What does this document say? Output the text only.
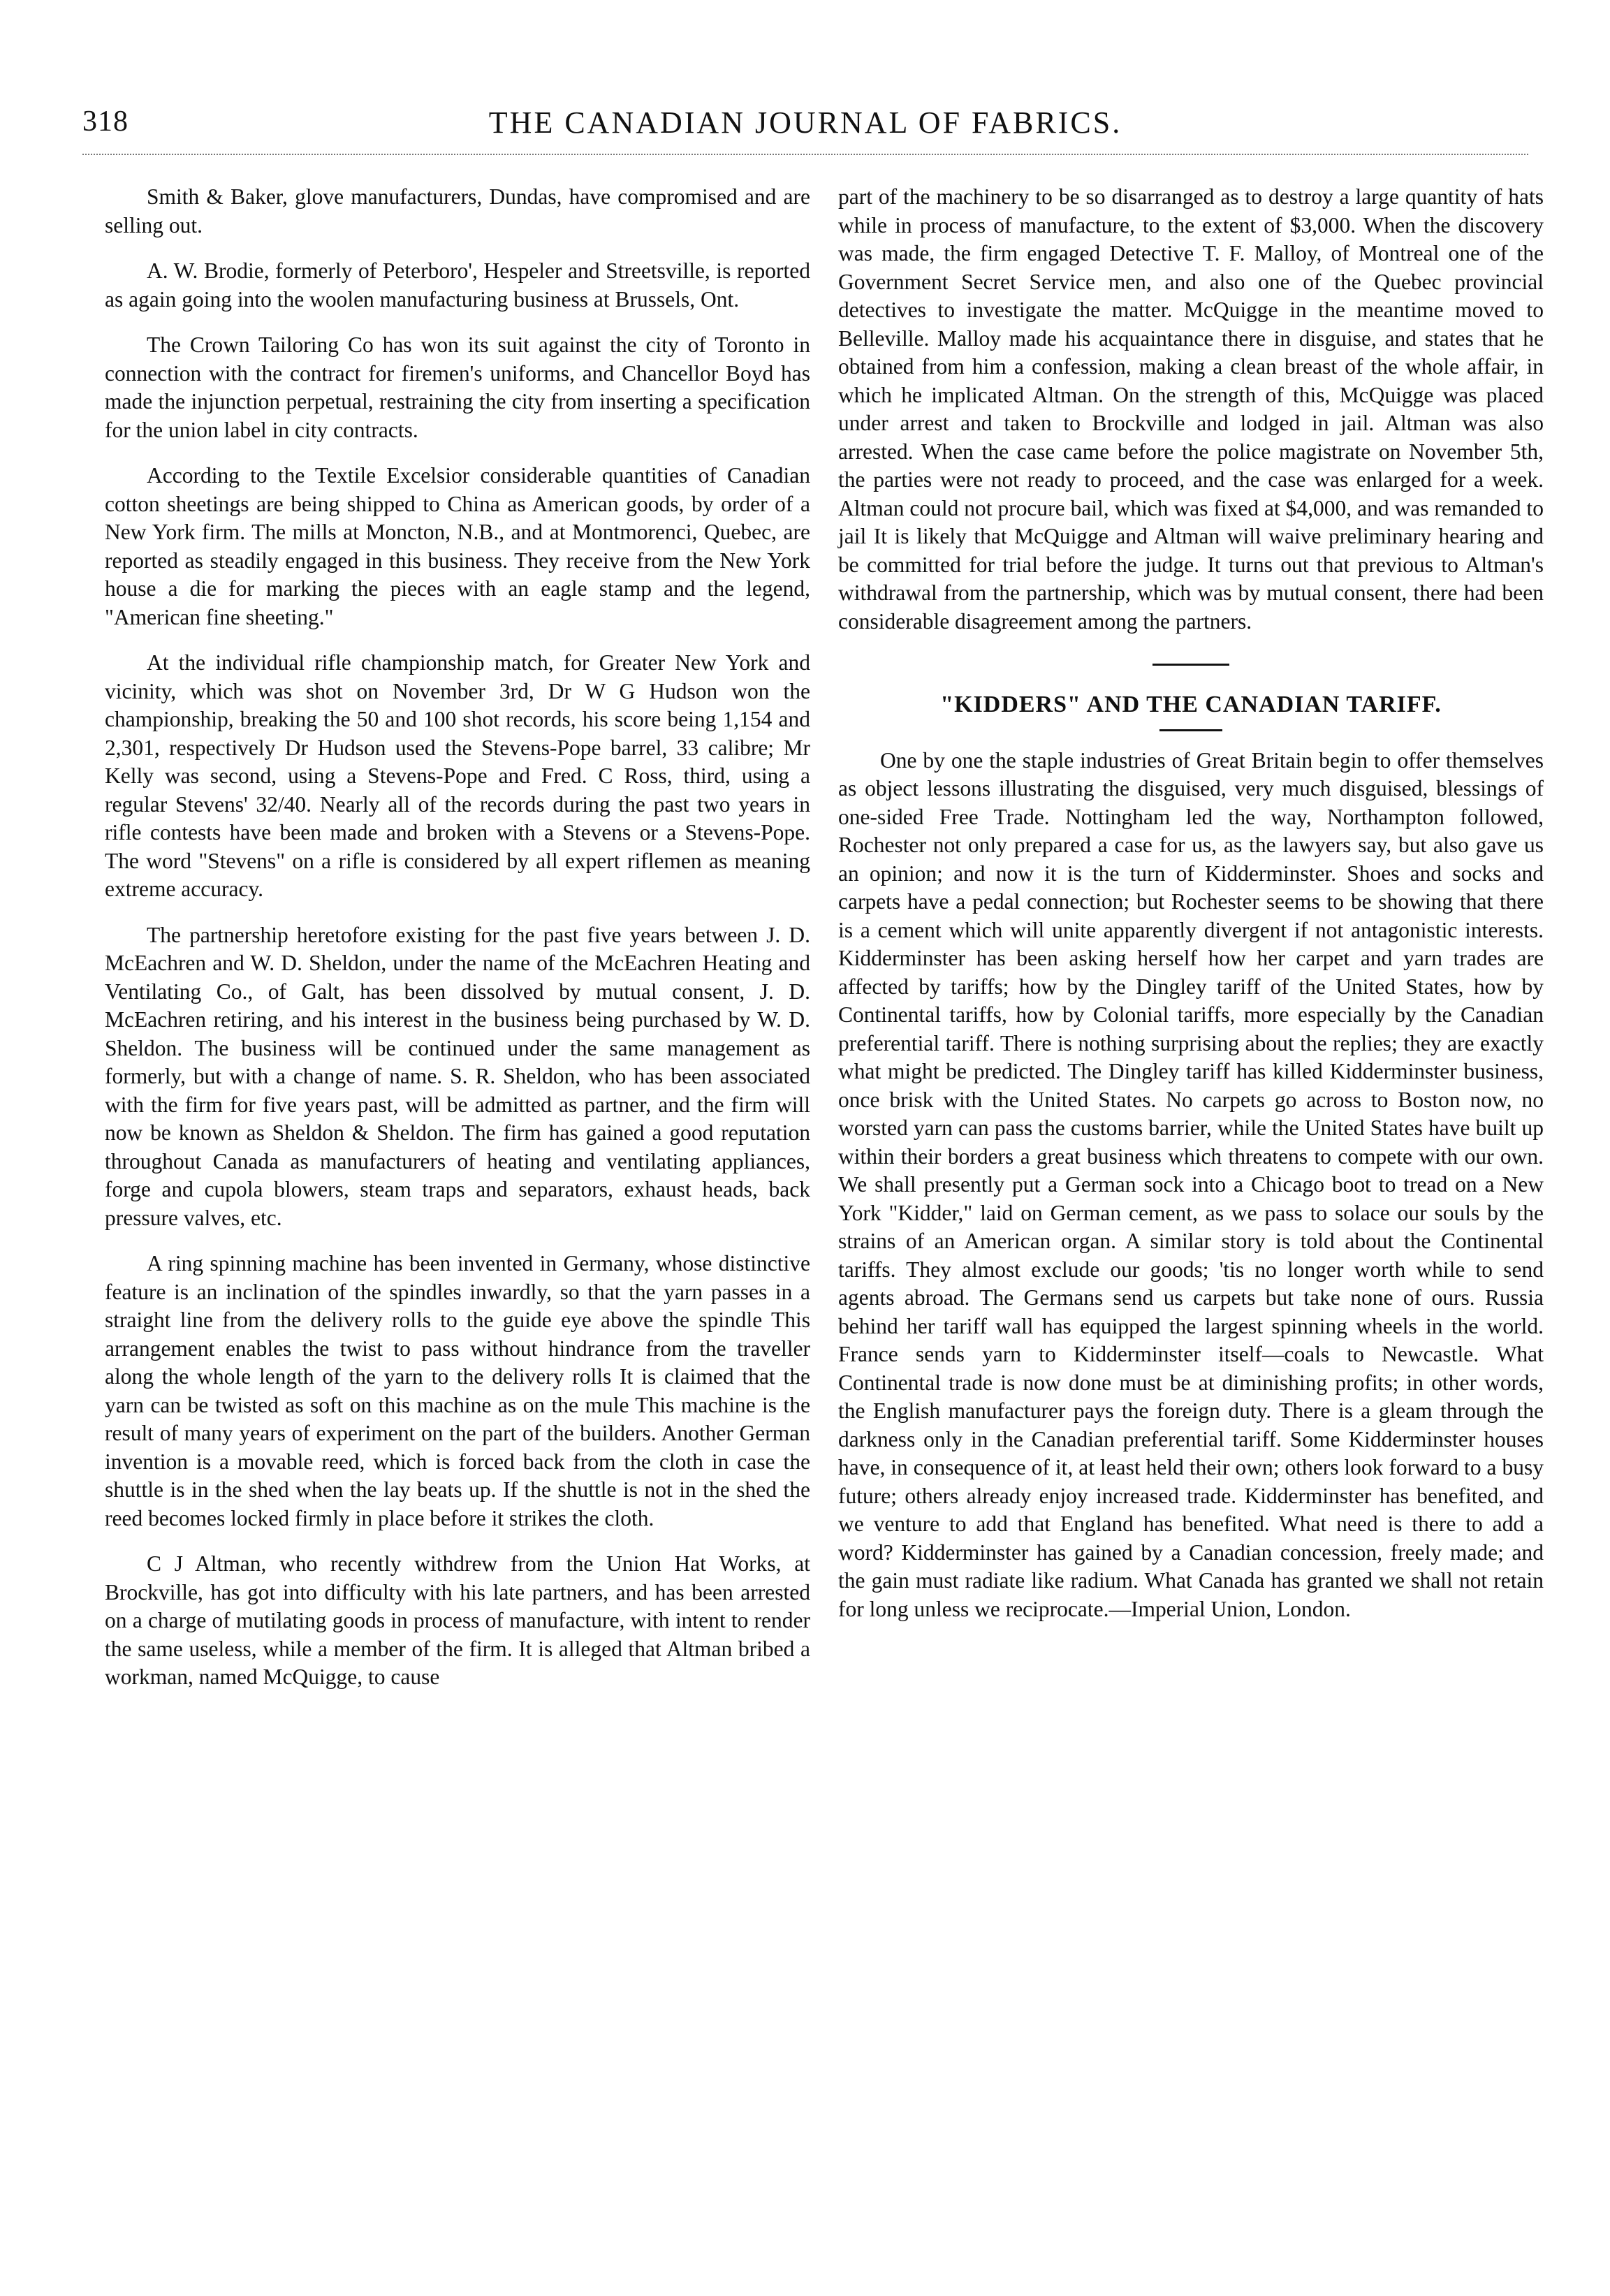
318	THE CANADIAN JOURNAL OF FABRICS.

Smith & Baker, glove manufacturers, Dundas, have compromised and are selling out.

A. W. Brodie, formerly of Peterboro', Hespeler and Streetsville, is reported as again going into the woolen manufacturing business at Brussels, Ont.

The Crown Tailoring Co has won its suit against the city of Toronto in connection with the contract for firemen's uniforms, and Chancellor Boyd has made the injunction perpetual, restraining the city from inserting a specification for the union label in city contracts.

According to the Textile Excelsior considerable quantities of Canadian cotton sheetings are being shipped to China as American goods, by order of a New York firm. The mills at Moncton, N.B., and at Montmorenci, Quebec, are reported as steadily engaged in this business. They receive from the New York house a die for marking the pieces with an eagle stamp and the legend, "American fine sheeting."

At the individual rifle championship match, for Greater New York and vicinity, which was shot on November 3rd, Dr W G Hudson won the championship, breaking the 50 and 100 shot records, his score being 1,154 and 2,301, respectively Dr Hudson used the Stevens-Pope barrel, 33 calibre; Mr Kelly was second, using a Stevens-Pope and Fred. C Ross, third, using a regular Stevens' 32/40. Nearly all of the records during the past two years in rifle contests have been made and broken with a Stevens or a Stevens-Pope. The word "Stevens" on a rifle is considered by all expert riflemen as meaning extreme accuracy.

The partnership heretofore existing for the past five years between J. D. McEachren and W. D. Sheldon, under the name of the McEachren Heating and Ventilating Co., of Galt, has been dissolved by mutual consent, J. D. McEachren retiring, and his interest in the business being purchased by W. D. Sheldon. The business will be continued under the same management as formerly, but with a change of name. S. R. Sheldon, who has been associated with the firm for five years past, will be admitted as partner, and the firm will now be known as Sheldon & Sheldon. The firm has gained a good reputation throughout Canada as manufacturers of heating and ventilating appliances, forge and cupola blowers, steam traps and separators, exhaust heads, back pressure valves, etc.

A ring spinning machine has been invented in Germany, whose distinctive feature is an inclination of the spindles inwardly, so that the yarn passes in a straight line from the delivery rolls to the guide eye above the spindle This arrangement enables the twist to pass without hindrance from the traveller along the whole length of the yarn to the delivery rolls It is claimed that the yarn can be twisted as soft on this machine as on the mule This machine is the result of many years of experiment on the part of the builders. Another German invention is a movable reed, which is forced back from the cloth in case the shuttle is in the shed when the lay beats up. If the shuttle is not in the shed the reed becomes locked firmly in place before it strikes the cloth.

C J Altman, who recently withdrew from the Union Hat Works, at Brockville, has got into difficulty with his late partners, and has been arrested on a charge of mutilating goods in process of manufacture, with intent to render the same useless, while a member of the firm. It is alleged that Altman bribed a workman, named McQuigge, to cause

part of the machinery to be so disarranged as to destroy a large quantity of hats while in process of manufacture, to the extent of $3,000. When the discovery was made, the firm engaged Detective T. F. Malloy, of Montreal one of the Government Secret Service men, and also one of the Quebec provincial detectives to investigate the matter. McQuigge in the meantime moved to Belleville. Malloy made his acquaintance there in disguise, and states that he obtained from him a confession, making a clean breast of the whole affair, in which he implicated Altman. On the strength of this, McQuigge was placed under arrest and taken to Brockville and lodged in jail. Altman was also arrested. When the case came before the police magistrate on November 5th, the parties were not ready to proceed, and the case was enlarged for a week. Altman could not procure bail, which was fixed at $4,000, and was remanded to jail It is likely that McQuigge and Altman will waive preliminary hearing and be committed for trial before the judge. It turns out that previous to Altman's withdrawal from the partnership, which was by mutual consent, there had been considerable disagreement among the partners.

"KIDDERS" AND THE CANADIAN TARIFF.

One by one the staple industries of Great Britain begin to offer themselves as object lessons illustrating the disguised, very much disguised, blessings of one-sided Free Trade. Nottingham led the way, Northampton followed, Rochester not only prepared a case for us, as the lawyers say, but also gave us an opinion; and now it is the turn of Kidderminster. Shoes and socks and carpets have a pedal connection; but Rochester seems to be showing that there is a cement which will unite apparently divergent if not antagonistic interests. Kidderminster has been asking herself how her carpet and yarn trades are affected by tariffs; how by the Dingley tariff of the United States, how by Continental tariffs, how by Colonial tariffs, more especially by the Canadian preferential tariff. There is nothing surprising about the replies; they are exactly what might be predicted. The Dingley tariff has killed Kidderminster business, once brisk with the United States. No carpets go across to Boston now, no worsted yarn can pass the customs barrier, while the United States have built up within their borders a great business which threatens to compete with our own. We shall presently put a German sock into a Chicago boot to tread on a New York "Kidder," laid on German cement, as we pass to solace our souls by the strains of an American organ. A similar story is told about the Continental tariffs. They almost exclude our goods; 'tis no longer worth while to send agents abroad. The Germans send us carpets but take none of ours. Russia behind her tariff wall has equipped the largest spinning wheels in the world. France sends yarn to Kidderminster itself—coals to Newcastle. What Continental trade is now done must be at diminishing profits; in other words, the English manufacturer pays the foreign duty. There is a gleam through the darkness only in the Canadian preferential tariff. Some Kidderminster houses have, in consequence of it, at least held their own; others look forward to a busy future; others already enjoy increased trade. Kidderminster has benefited, and we venture to add that England has benefited. What need is there to add a word? Kidderminster has gained by a Canadian concession, freely made; and the gain must radiate like radium. What Canada has granted we shall not retain for long unless we reciprocate.—Imperial Union, London.
